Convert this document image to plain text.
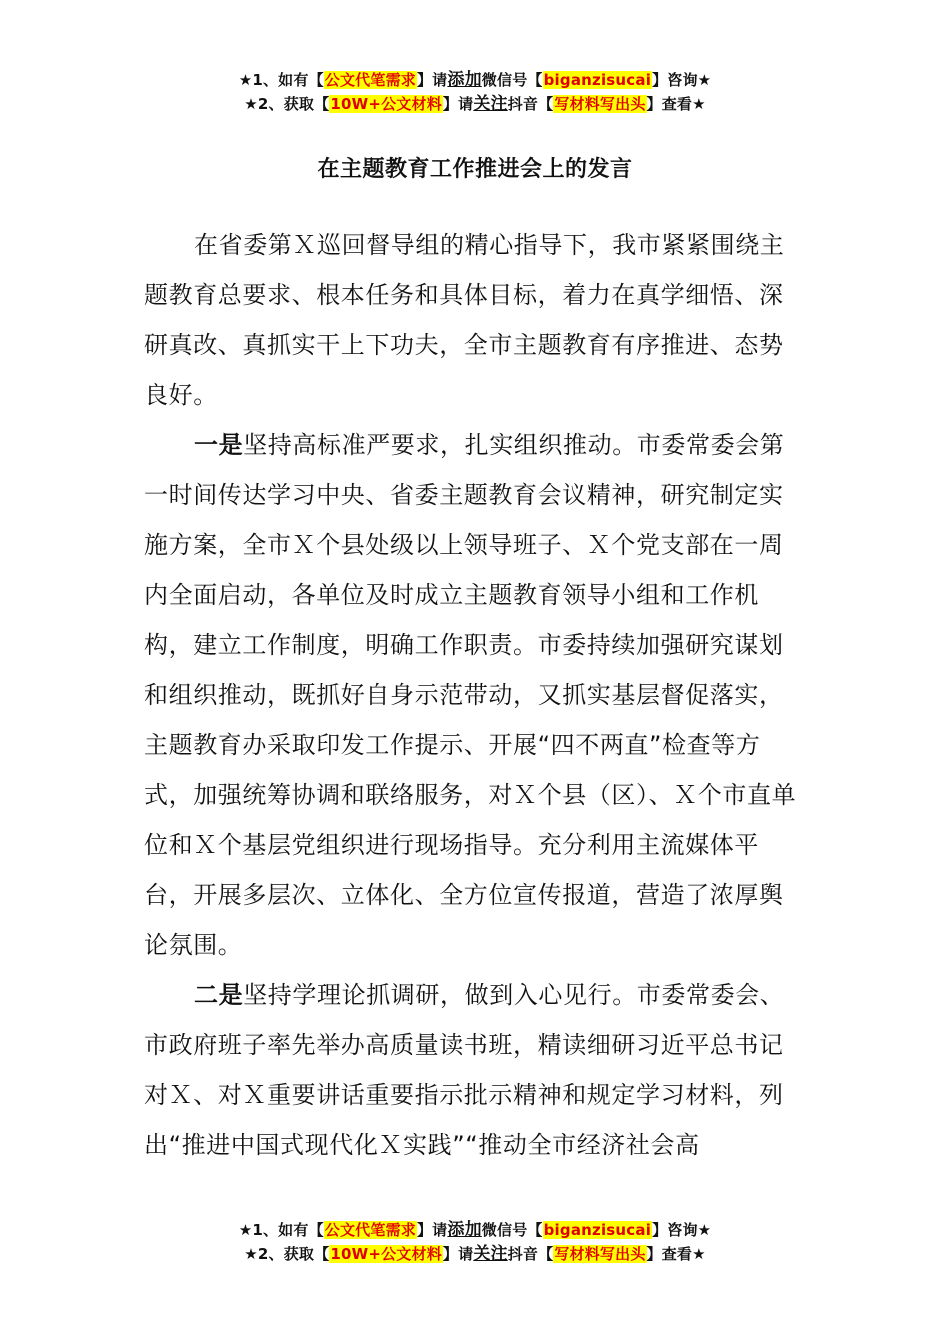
★1、如有【公文代笔需求】请添加微信号【biganzisucai】咨询★
★2、获取【10W+公文材料】请关注抖音【写材料写出头】查看★
在主题教育工作推进会上的发言

在省委第Ｘ巡回督导组的精心指导下，我市紧紧围绕主题教育总要求、根本任务和具体目标，着力在真学细悟、深研真改、真抓实干上下功夫，全市主题教育有序推进、态势良好。

一是坚持高标准严要求，扎实组织推动。市委常委会第一时间传达学习中央、省委主题教育会议精神，研究制定实施方案，全市Ｘ个县处级以上领导班子、Ｘ个党支部在一周内全面启动，各单位及时成立主题教育领导小组和工作机构，建立工作制度，明确工作职责。市委持续加强研究谋划和组织推动，既抓好自身示范带动，又抓实基层督促落实，主题教育办采取印发工作提示、开展“四不两直”检查等方式，加强统筹协调和联络服务，对Ｘ个县（区）、Ｘ个市直单位和Ｘ个基层党组织进行现场指导。充分利用主流媒体平台，开展多层次、立体化、全方位宣传报道，营造了浓厚舆论氛围。

二是坚持学理论抓调研，做到入心见行。市委常委会、市政府班子率先举办高质量读书班，精读细研习近平总书记对Ｘ、对Ｘ重要讲话重要指示批示精神和规定学习材料，列出“推进中国式现代化Ｘ实践”“推动全市经济社会高

★1、如有【公文代笔需求】请添加微信号【biganzisucai】咨询★
★2、获取【10W+公文材料】请关注抖音【写材料写出头】查看★
